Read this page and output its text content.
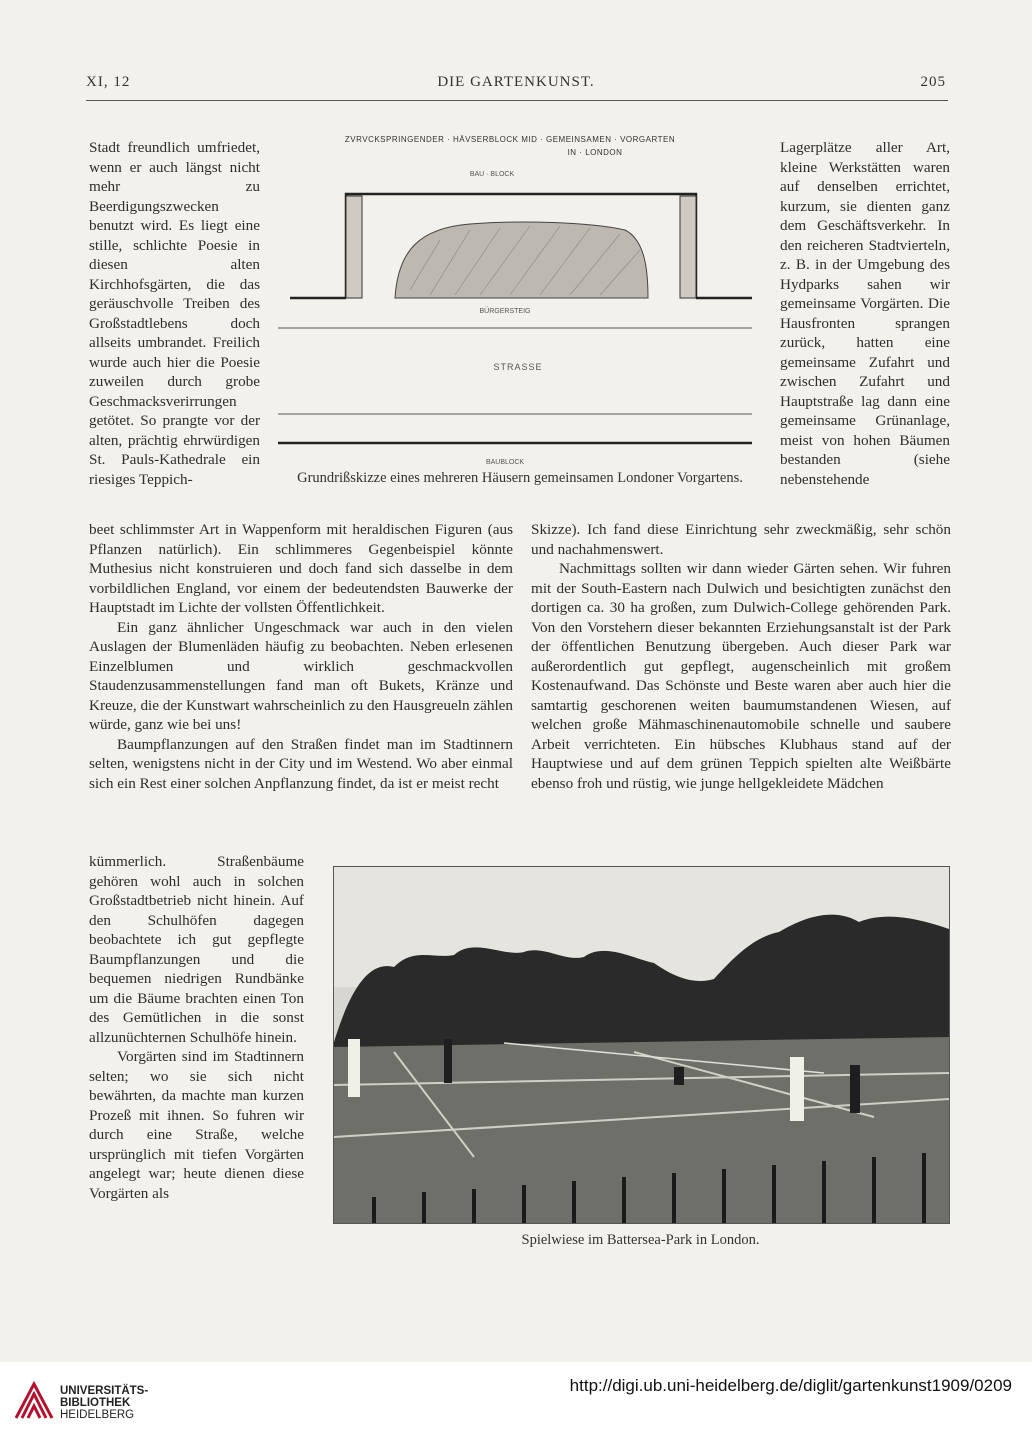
XI, 12	DIE GARTENKUNST.	205

Stadt freundlich umfriedet, wenn er auch längst nicht mehr zu Beerdigungszwecken benutzt wird. Es liegt eine stille, schlichte Poesie in diesen alten Kirchhofsgärten, die das geräuschvolle Treiben des Großstadtlebens doch allseits umbrandet. Freilich wurde auch hier die Poesie zuweilen durch grobe Geschmacksverirrungen getötet. So prangte vor der alten, prächtig ehrwürdigen St. Pauls-Kathedrale ein riesiges Teppich-

ZVRVCKSPRINGENDER · HÄVSERBLOCK MID · GEMEINSAMEN · VORGARTEN
IN · LONDON
BAU · BLOCK
BÜRGERSTEIG
STRASSE
BAUBLOCK
Grundrißskizze eines mehreren Häusern gemeinsamen Londoner Vorgartens.

Lagerplätze aller Art, kleine Werkstätten waren auf denselben errichtet, kurzum, sie dienten ganz dem Geschäftsverkehr. In den reicheren Stadtvierteln, z. B. in der Umgebung des Hydparks sahen wir gemeinsame Vorgärten. Die Hausfronten sprangen zurück, hatten eine gemeinsame Zufahrt und zwischen Zufahrt und Hauptstraße lag dann eine gemeinsame Grünanlage, meist von hohen Bäumen bestanden (siehe nebenstehende

beet schlimmster Art in Wappenform mit heraldischen Figuren (aus Pflanzen natürlich). Ein schlimmeres Gegenbeispiel könnte Muthesius nicht konstruieren und doch fand sich dasselbe in dem vorbildlichen England, vor einem der bedeutendsten Bauwerke der Hauptstadt im Lichte der vollsten Öffentlichkeit.

Ein ganz ähnlicher Ungeschmack war auch in den vielen Auslagen der Blumenläden häufig zu beobachten. Neben erlesenen Einzelblumen und wirklich geschmackvollen Staudenzusammenstellungen fand man oft Bukets, Kränze und Kreuze, die der Kunstwart wahrscheinlich zu den Hausgreueln zählen würde, ganz wie bei uns!

Baumpflanzungen auf den Straßen findet man im Stadtinnern selten, wenigstens nicht in der City und im Westend. Wo aber einmal sich ein Rest einer solchen Anpflanzung findet, da ist er meist recht

Skizze). Ich fand diese Einrichtung sehr zweckmäßig, sehr schön und nachahmenswert.

Nachmittags sollten wir dann wieder Gärten sehen. Wir fuhren mit der South-Eastern nach Dulwich und besichtigten zunächst den dortigen ca. 30 ha großen, zum Dulwich-College gehörenden Park. Von den Vorstehern dieser bekannten Erziehungsanstalt ist der Park der öffentlichen Benutzung übergeben. Auch dieser Park war außerordentlich gut gepflegt, augenscheinlich mit großem Kostenaufwand. Das Schönste und Beste waren aber auch hier die samtartig geschorenen weiten baumumstandenen Wiesen, auf welchen große Mähmaschinenautomobile schnelle und saubere Arbeit verrichteten. Ein hübsches Klubhaus stand auf der Hauptwiese und auf dem grünen Teppich spielten alte Weißbärte ebenso froh und rüstig, wie junge hellgekleidete Mädchen

kümmerlich. Straßenbäume gehören wohl auch in solchen Großstadtbetrieb nicht hinein. Auf den Schulhöfen dagegen beobachtete ich gut gepflegte Baumpflanzungen und die bequemen niedrigen Rundbänke um die Bäume brachten einen Ton des Gemütlichen in die sonst allzunüchternen Schulhöfe hinein.

Vorgärten sind im Stadtinnern selten; wo sie sich nicht bewährten, da machte man kurzen Prozeß mit ihnen. So fuhren wir durch eine Straße, welche ursprünglich mit tiefen Vorgärten angelegt war; heute dienen diese Vorgärten als

Spielwiese im Battersea-Park in London.
UNIVERSITÄTS-
BIBLIOTHEK
HEIDELBERG
http://digi.ub.uni-heidelberg.de/diglit/gartenkunst1909/0209
